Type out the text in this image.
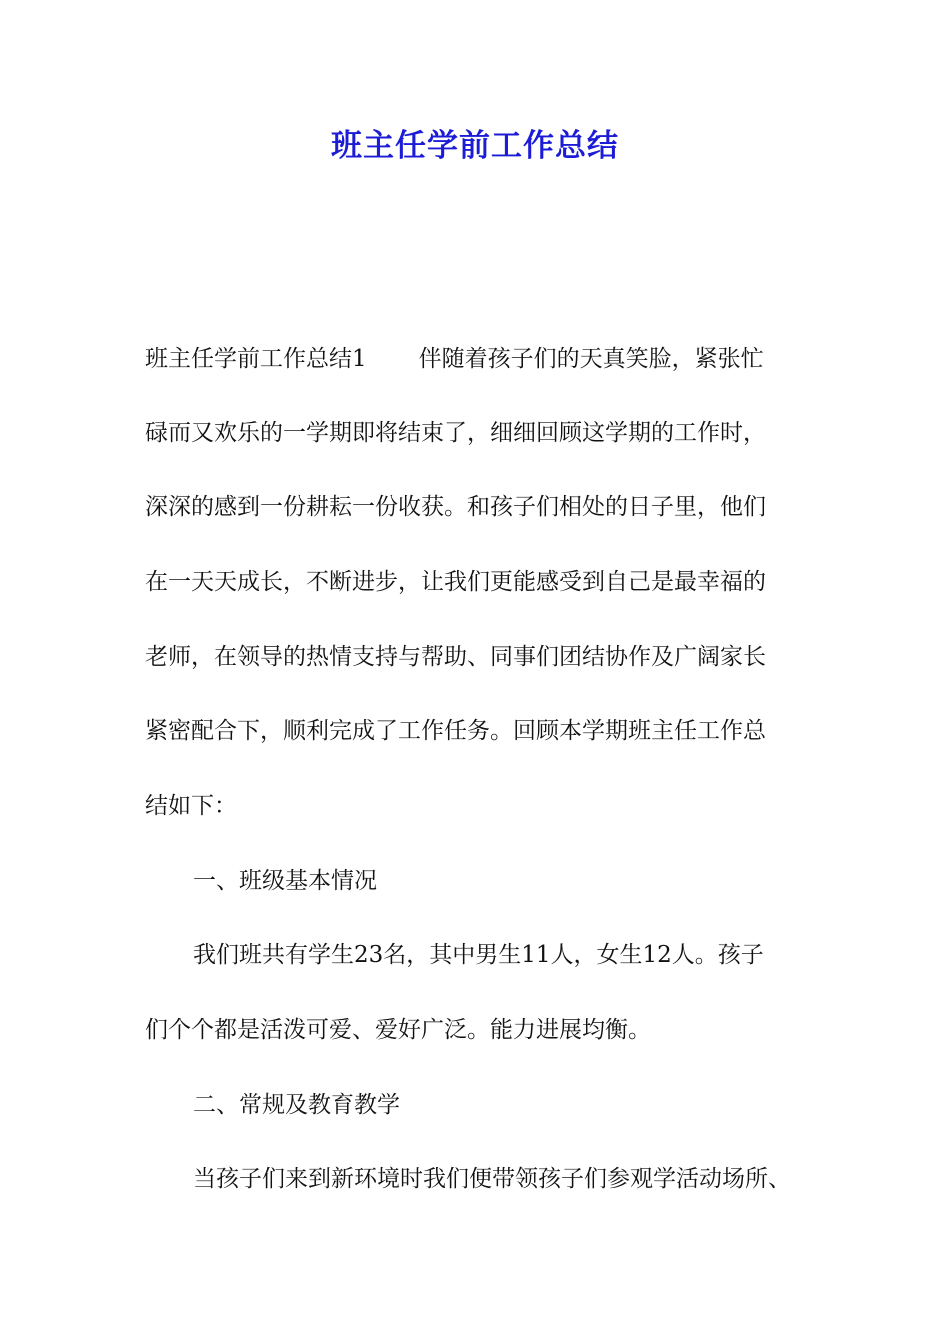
班主任学前工作总结

班主任学前工作总结1 伴随着孩子们的天真笑脸，紧张忙

碌而又欢乐的一学期即将结束了，细细回顾这学期的工作时，

深深的感到一份耕耘一份收获。和孩子们相处的日子里，他们

在一天天成长，不断进步，让我们更能感受到自己是最幸福的

老师，在领导的热情支持与帮助、同事们团结协作及广阔家长

紧密配合下，顺利完成了工作任务。回顾本学期班主任工作总

结如下：

一、班级基本情况

我们班共有学生23名，其中男生11人，女生12人。孩子

们个个都是活泼可爱、爱好广泛。能力进展均衡。

二、常规及教育教学

当孩子们来到新环境时我们便带领孩子们参观学活动场所、
